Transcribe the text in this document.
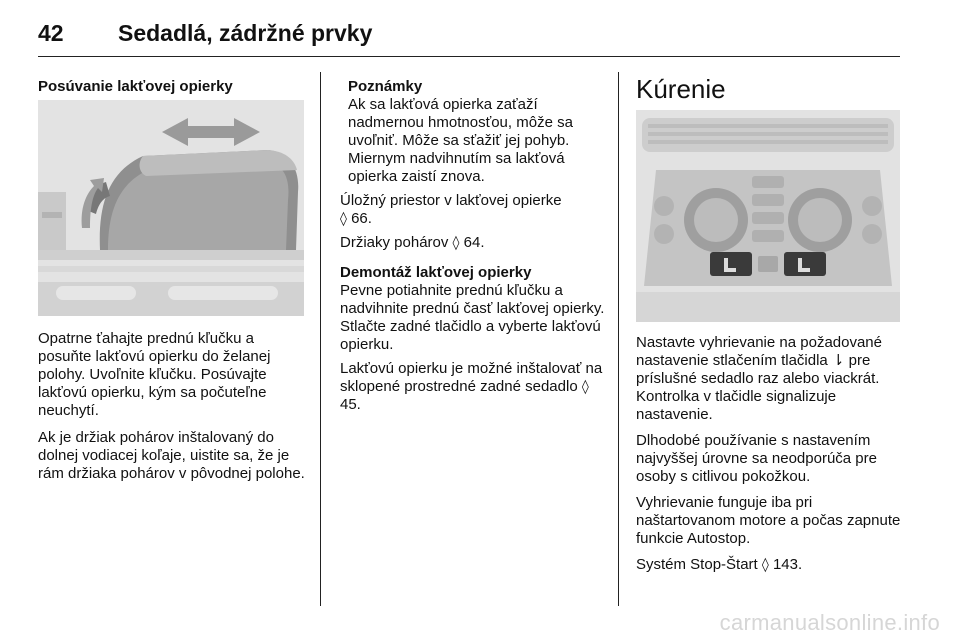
42 Sedadlá, zádržné prvky
Posúvanie lakťovej opierky

Opatrne ťahajte prednú kľučku a posuňte lakťovú opierku do želanej polohy. Uvoľnite kľučku. Posúvajte lakťovú opierku, kým sa počuteľne neuchytí.

Ak je držiak pohárov inštalovaný do dolnej vodiacej koľaje, uistite sa, že je rám držiaka pohárov v pôvodnej polohe.

Poznámky

Ak sa lakťová opierka zaťaží nadmernou hmotnosťou, môže sa uvoľniť. Môže sa sťažiť jej pohyb. Miernym nadvihnutím sa lakťová opierka zaistí znova.

Úložný priestor v lakťovej opierke
◊ 66.

Držiaky pohárov ◊ 64.

Demontáž lakťovej opierky

Pevne potiahnite prednú kľučku a nadvihnite prednú časť lakťovej opierky. Stlačte zadné tlačidlo a vyberte lakťovú opierku.

Lakťovú opierku je možné inštalovať na sklopené prostredné zadné sedadlo ◊ 45.

Kúrenie

Nastavte vyhrievanie na požadované nastavenie stlačením tlačidla ⇂ pre príslušné sedadlo raz alebo viackrát. Kontrolka v tlačidle signalizuje nastavenie.

Dlhodobé používanie s nastavením najvyššej úrovne sa neodporúča pre osoby s citlivou pokožkou.

Vyhrievanie funguje iba pri naštartovanom motore a počas zapnute funkcie Autostop.

Systém Stop-Štart ◊ 143.

carmanualsonline.info
